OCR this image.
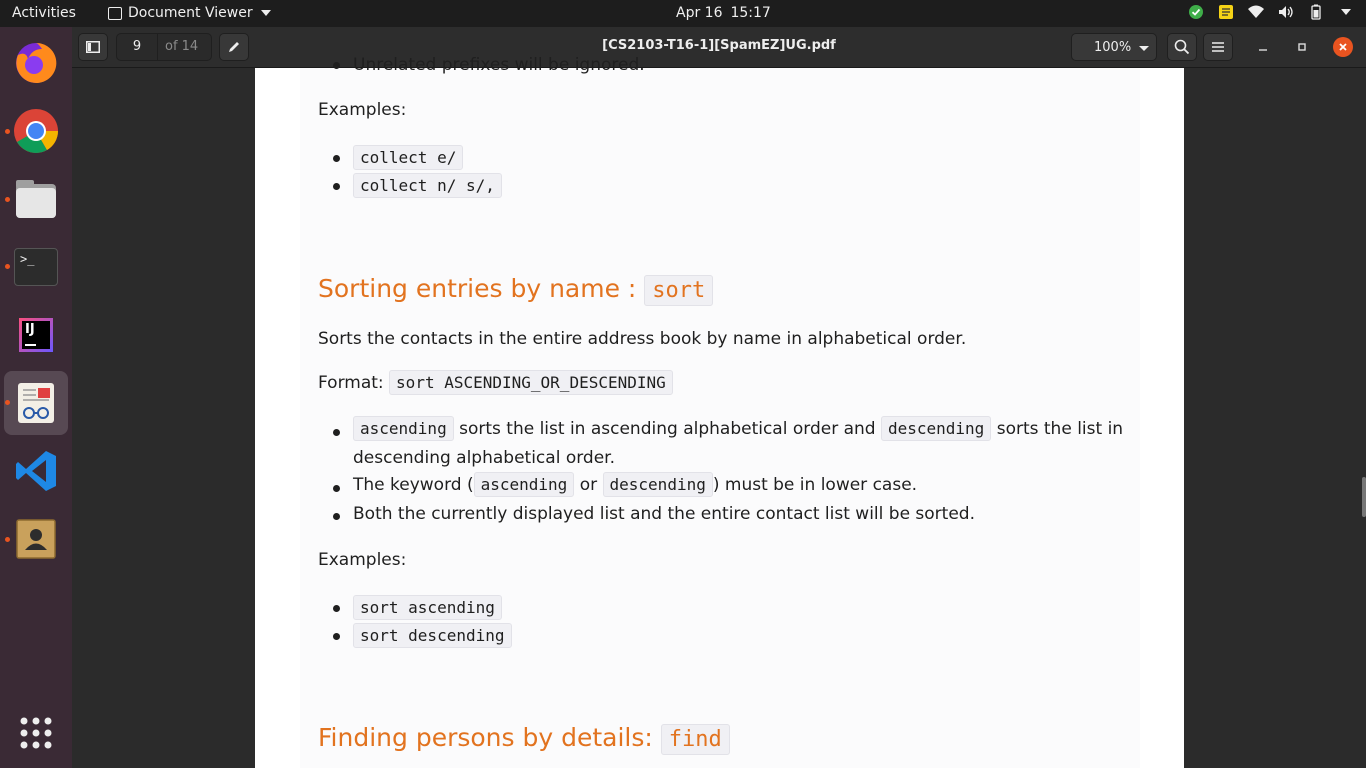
Activities	Document Viewer	Apr 16 15:17
>_
IJ
9	of 14	[CS2103-T16-1][SpamEZ]UG.pdf	100%
Unrelated prefixes will be ignored.
Examples:
collect e/
collect n/ s/,
Sorting entries by name : sort
Sorts the contacts in the entire address book by name in alphabetical order.
Format: sort ASCENDING_OR_DESCENDING
ascending sorts the list in ascending alphabetical order and descending sorts the list in
descending alphabetical order.
The keyword ( ascending or descending ) must be in lower case.
Both the currently displayed list and the entire contact list will be sorted.
Examples:
sort ascending
sort descending
Finding persons by details: find
